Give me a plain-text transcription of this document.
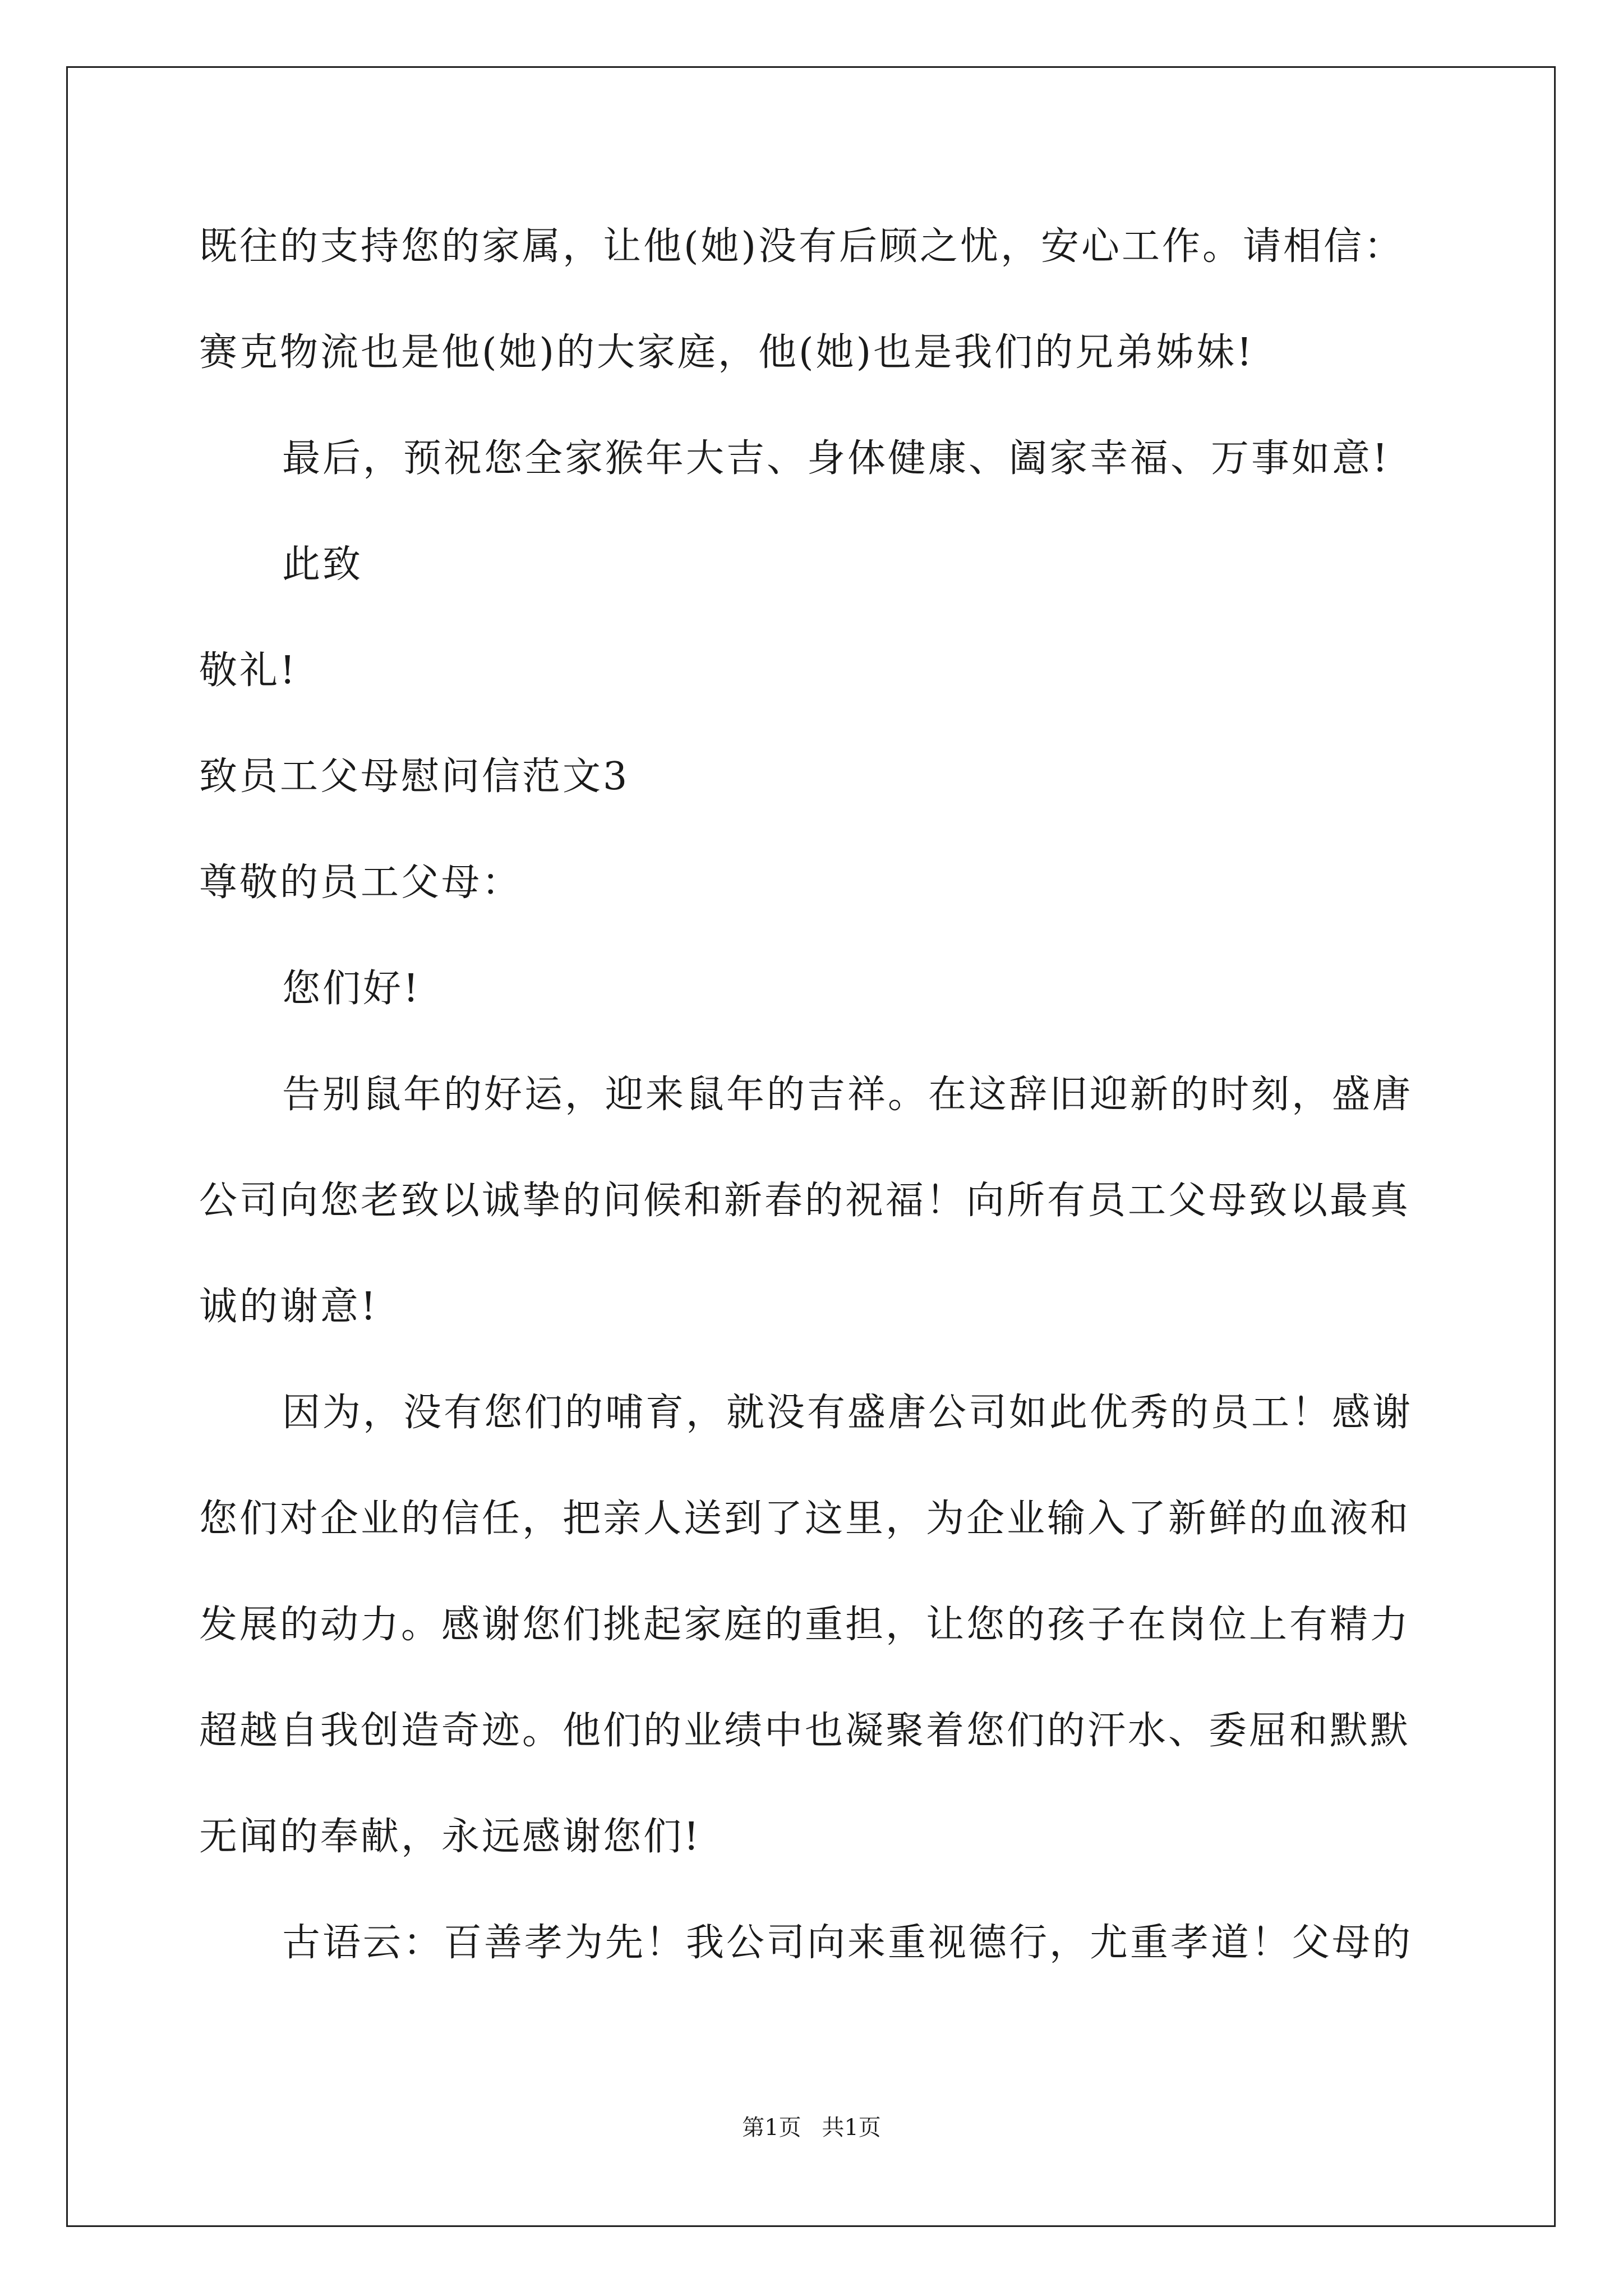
既往的支持您的家属，让他(她)没有后顾之忧，安心工作。请相信：
赛克物流也是他(她)的大家庭，他(她)也是我们的兄弟姊妹!
最后，预祝您全家猴年大吉、身体健康、阖家幸福、万事如意!
此致
敬礼!
致员工父母慰问信范文3
尊敬的员工父母：
您们好!
告别鼠年的好运，迎来鼠年的吉祥。在这辞旧迎新的时刻，盛唐
公司向您老致以诚挚的问候和新春的祝福！向所有员工父母致以最真
诚的谢意!
因为，没有您们的哺育，就没有盛唐公司如此优秀的员工！感谢
您们对企业的信任，把亲人送到了这里，为企业输入了新鲜的血液和
发展的动力。感谢您们挑起家庭的重担，让您的孩子在岗位上有精力
超越自我创造奇迹。他们的业绩中也凝聚着您们的汗水、委屈和默默
无闻的奉献，永远感谢您们!
古语云：百善孝为先！我公司向来重视德行，尤重孝道！父母的
第1页 共1页
